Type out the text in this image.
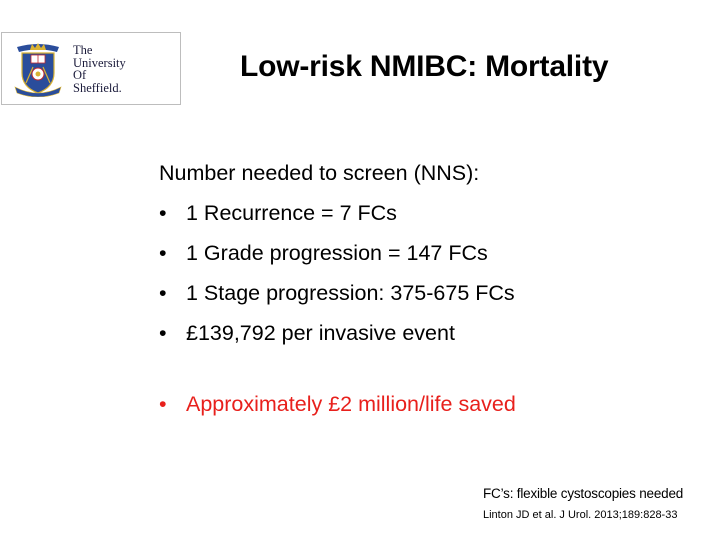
The
University
Of
Sheffield.
Low-risk NMIBC: Mortality
Number needed to screen (NNS):
• 1 Recurrence = 7 FCs
• 1 Grade progression = 147 FCs
• 1 Stage progression: 375-675 FCs
• £139,792 per invasive event
• Approximately £2 million/life saved
FC’s: flexible cystoscopies needed
Linton JD et al. J Urol. 2013;189:828-33
